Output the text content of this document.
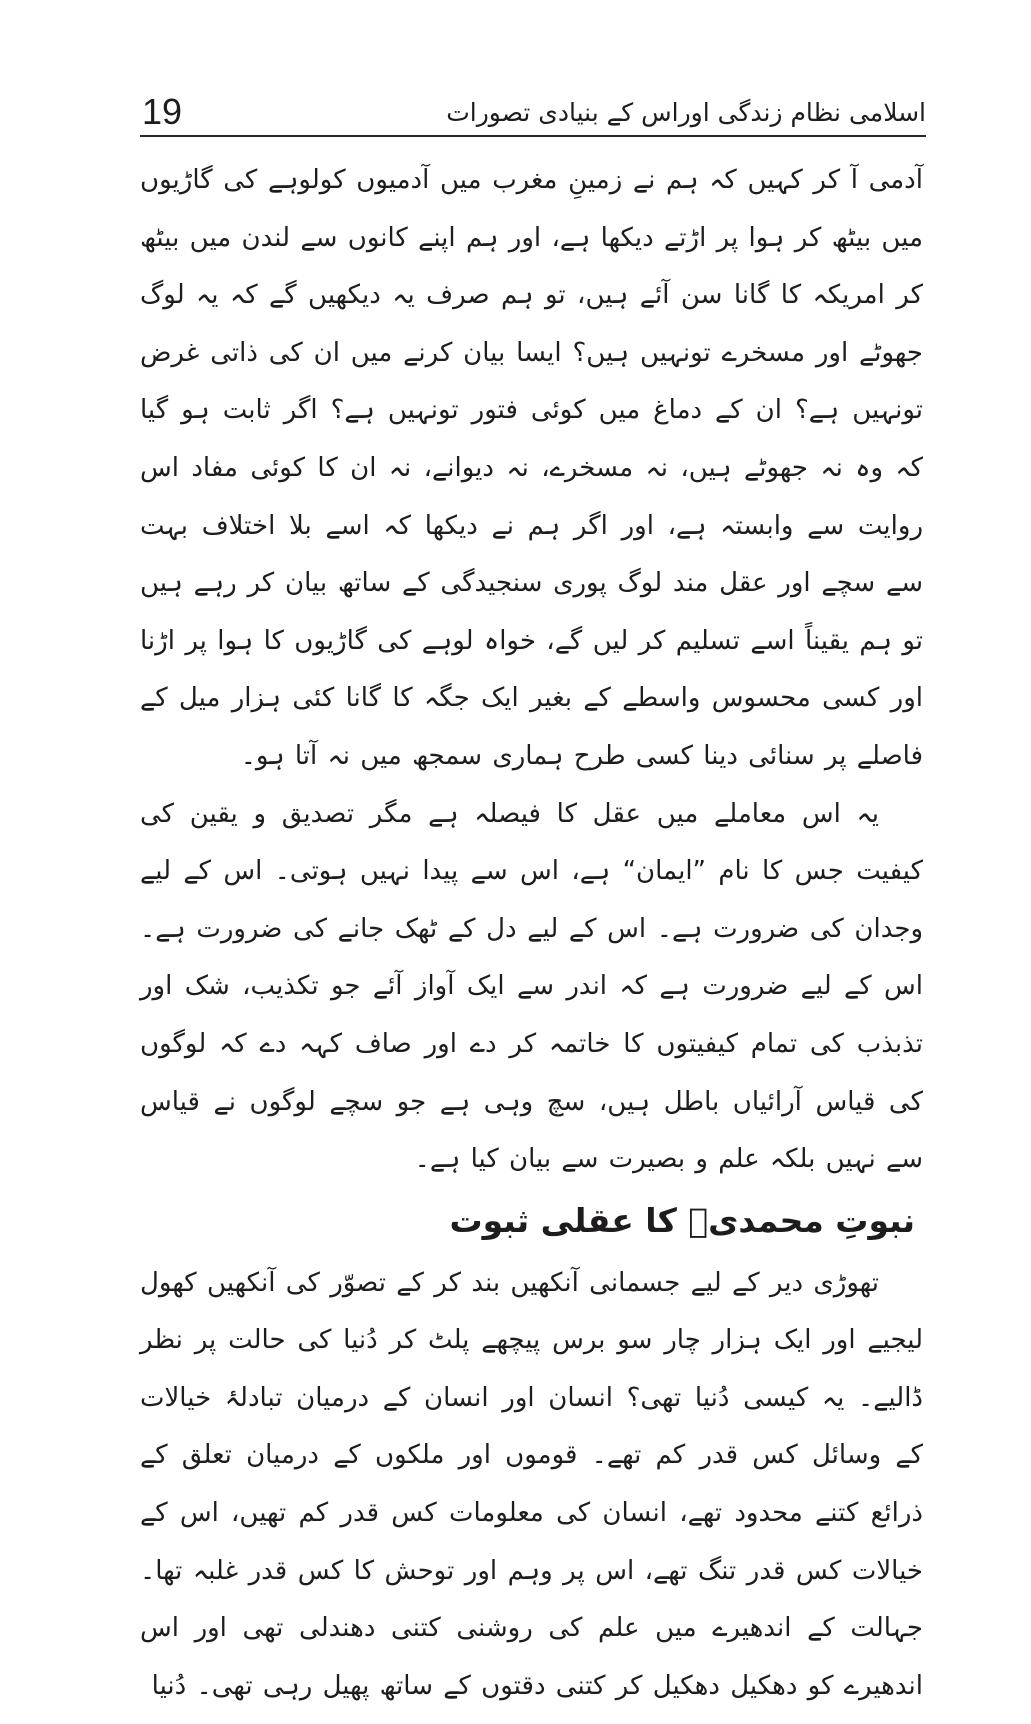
19	اسلامی نظام زندگی اوراس کے بنیادی تصورات

آدمی آ کر کہیں کہ ہم نے زمینِ مغرب میں آدمیوں کولوہے کی گاڑیوں میں بیٹھ کر ہوا پر اڑتے دیکھا ہے، اور ہم اپنے کانوں سے لندن میں بیٹھ کر امریکہ کا گانا سن آئے ہیں، تو ہم صرف یہ دیکھیں گے کہ یہ لوگ جھوٹے اور مسخرے تونہیں ہیں؟ ایسا بیان کرنے میں ان کی ذاتی غرض تونہیں ہے؟ ان کے دماغ میں کوئی فتور تونہیں ہے؟ اگر ثابت ہو گیا کہ وہ نہ جھوٹے ہیں، نہ مسخرے، نہ دیوانے، نہ ان کا کوئی مفاد اس روایت سے وابستہ ہے، اور اگر ہم نے دیکھا کہ اسے بلا اختلاف بہت سے سچے اور عقل مند لوگ پوری سنجیدگی کے ساتھ بیان کر رہے ہیں تو ہم یقیناً اسے تسلیم کر لیں گے، خواہ لوہے کی گاڑیوں کا ہوا پر اڑنا اور کسی محسوس واسطے کے بغیر ایک جگہ کا گانا کئی ہزار میل کے فاصلے پر سنائی دینا کسی طرح ہماری سمجھ میں نہ آتا ہو۔

یہ اس معاملے میں عقل کا فیصلہ ہے مگر تصدیق و یقین کی کیفیت جس کا نام ”ایمان“ ہے، اس سے پیدا نہیں ہوتی۔ اس کے لیے وجدان کی ضرورت ہے۔ اس کے لیے دل کے ٹھک جانے کی ضرورت ہے۔ اس کے لیے ضرورت ہے کہ اندر سے ایک آواز آئے جو تکذیب، شک اور تذبذب کی تمام کیفیتوں کا خاتمہ کر دے اور صاف کہہ دے کہ لوگوں کی قیاس آرائیاں باطل ہیں، سچ وہی ہے جو سچے لوگوں نے قیاس سے نہیں بلکہ علم و بصیرت سے بیان کیا ہے۔

نبوتِ محمدیؐ کا عقلی ثبوت

تھوڑی دیر کے لیے جسمانی آنکھیں بند کر کے تصوّر کی آنکھیں کھول لیجیے اور ایک ہزار چار سو برس پیچھے پلٹ کر دُنیا کی حالت پر نظر ڈالیے۔ یہ کیسی دُنیا تھی؟ انسان اور انسان کے درمیان تبادلۂ خیالات کے وسائل کس قدر کم تھے۔ قوموں اور ملکوں کے درمیان تعلق کے ذرائع کتنے محدود تھے، انسان کی معلومات کس قدر کم تھیں، اس کے خیالات کس قدر تنگ تھے، اس پر وہم اور توحش کا کس قدر غلبہ تھا۔ جہالت کے اندھیرے میں علم کی روشنی کتنی دھندلی تھی اور اس اندھیرے کو دھکیل دھکیل کر کتنی دقتوں کے ساتھ پھیل رہی تھی۔ دُنیا
